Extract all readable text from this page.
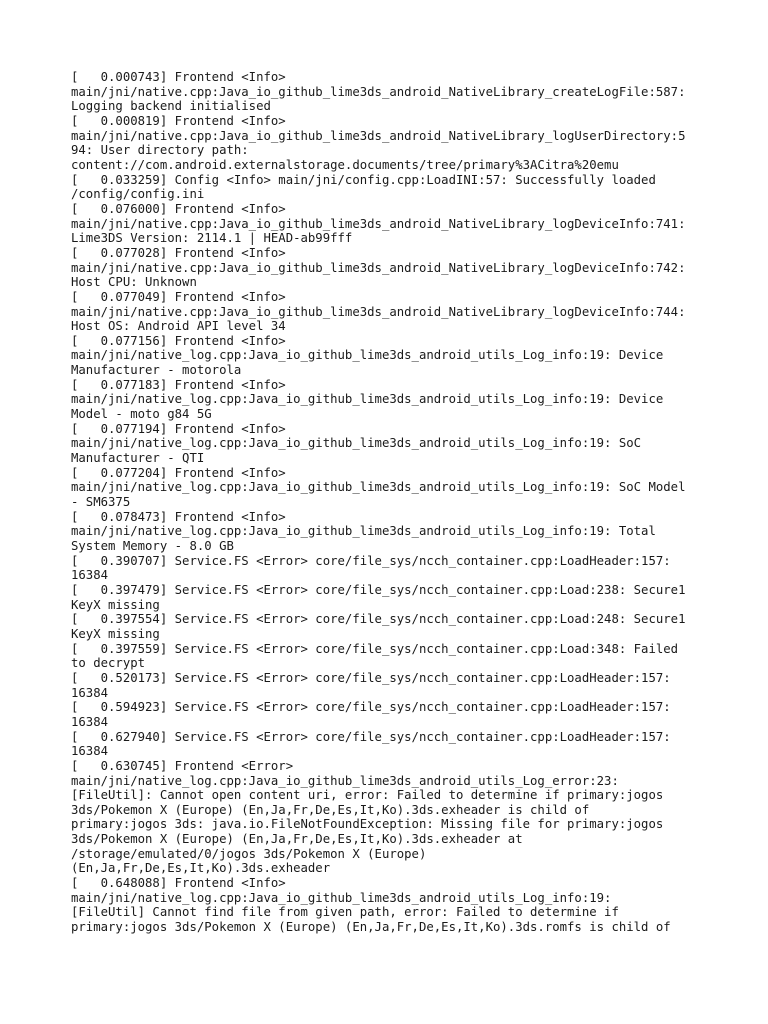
[   0.000743] Frontend <Info>
main/jni/native.cpp:Java_io_github_lime3ds_android_NativeLibrary_createLogFile:587:
Logging backend initialised
[   0.000819] Frontend <Info>
main/jni/native.cpp:Java_io_github_lime3ds_android_NativeLibrary_logUserDirectory:5
94: User directory path:
content://com.android.externalstorage.documents/tree/primary%3ACitra%20emu
[   0.033259] Config <Info> main/jni/config.cpp:LoadINI:57: Successfully loaded
/config/config.ini
[   0.076000] Frontend <Info>
main/jni/native.cpp:Java_io_github_lime3ds_android_NativeLibrary_logDeviceInfo:741:
Lime3DS Version: 2114.1 | HEAD-ab99fff
[   0.077028] Frontend <Info>
main/jni/native.cpp:Java_io_github_lime3ds_android_NativeLibrary_logDeviceInfo:742:
Host CPU: Unknown
[   0.077049] Frontend <Info>
main/jni/native.cpp:Java_io_github_lime3ds_android_NativeLibrary_logDeviceInfo:744:
Host OS: Android API level 34
[   0.077156] Frontend <Info>
main/jni/native_log.cpp:Java_io_github_lime3ds_android_utils_Log_info:19: Device
Manufacturer - motorola
[   0.077183] Frontend <Info>
main/jni/native_log.cpp:Java_io_github_lime3ds_android_utils_Log_info:19: Device
Model - moto g84 5G
[   0.077194] Frontend <Info>
main/jni/native_log.cpp:Java_io_github_lime3ds_android_utils_Log_info:19: SoC
Manufacturer - QTI
[   0.077204] Frontend <Info>
main/jni/native_log.cpp:Java_io_github_lime3ds_android_utils_Log_info:19: SoC Model
- SM6375
[   0.078473] Frontend <Info>
main/jni/native_log.cpp:Java_io_github_lime3ds_android_utils_Log_info:19: Total
System Memory - 8.0 GB
[   0.390707] Service.FS <Error> core/file_sys/ncch_container.cpp:LoadHeader:157:
16384
[   0.397479] Service.FS <Error> core/file_sys/ncch_container.cpp:Load:238: Secure1
KeyX missing
[   0.397554] Service.FS <Error> core/file_sys/ncch_container.cpp:Load:248: Secure1
KeyX missing
[   0.397559] Service.FS <Error> core/file_sys/ncch_container.cpp:Load:348: Failed
to decrypt
[   0.520173] Service.FS <Error> core/file_sys/ncch_container.cpp:LoadHeader:157:
16384
[   0.594923] Service.FS <Error> core/file_sys/ncch_container.cpp:LoadHeader:157:
16384
[   0.627940] Service.FS <Error> core/file_sys/ncch_container.cpp:LoadHeader:157:
16384
[   0.630745] Frontend <Error>
main/jni/native_log.cpp:Java_io_github_lime3ds_android_utils_Log_error:23:
[FileUtil]: Cannot open content uri, error: Failed to determine if primary:jogos
3ds/Pokemon X (Europe) (En,Ja,Fr,De,Es,It,Ko).3ds.exheader is child of
primary:jogos 3ds: java.io.FileNotFoundException: Missing file for primary:jogos
3ds/Pokemon X (Europe) (En,Ja,Fr,De,Es,It,Ko).3ds.exheader at
/storage/emulated/0/jogos 3ds/Pokemon X (Europe)
(En,Ja,Fr,De,Es,It,Ko).3ds.exheader
[   0.648088] Frontend <Info>
main/jni/native_log.cpp:Java_io_github_lime3ds_android_utils_Log_info:19:
[FileUtil] Cannot find file from given path, error: Failed to determine if
primary:jogos 3ds/Pokemon X (Europe) (En,Ja,Fr,De,Es,It,Ko).3ds.romfs is child of
